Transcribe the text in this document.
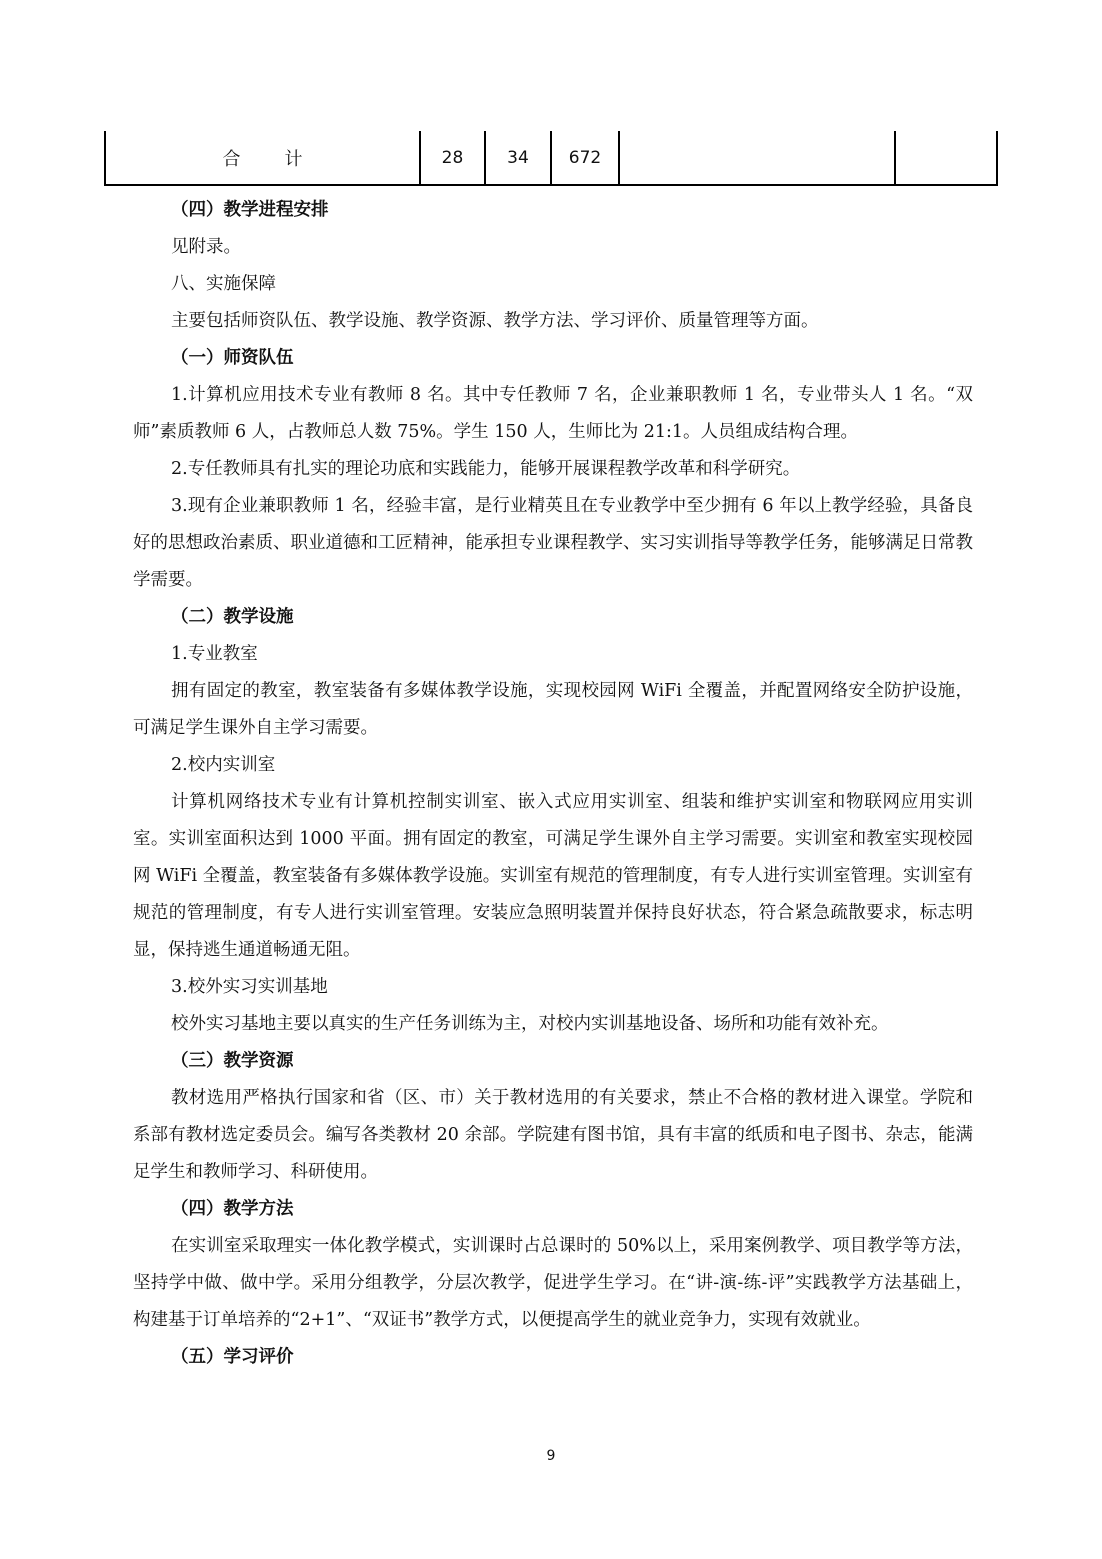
合 计	28	34	672		
（四）教学进程安排
见附录。
八、实施保障
主要包括师资队伍、教学设施、教学资源、教学方法、学习评价、质量管理等方面。
（一）师资队伍

1.计算机应用技术专业有教师 8 名。其中专任教师 7 名，企业兼职教师 1 名，专业带头人 1 名。“双师”素质教师 6 人，占教师总人数 75%。学生 150 人，生师比为 21:1。人员组成结构合理。

2.专任教师具有扎实的理论功底和实践能力，能够开展课程教学改革和科学研究。

3.现有企业兼职教师 1 名，经验丰富，是行业精英且在专业教学中至少拥有 6 年以上教学经验，具备良好的思想政治素质、职业道德和工匠精神，能承担专业课程教学、实习实训指导等教学任务，能够满足日常教学需要。

（二）教学设施
1.专业教室

拥有固定的教室，教室装备有多媒体教学设施，实现校园网 WiFi 全覆盖，并配置网络安全防护设施，可满足学生课外自主学习需要。

2.校内实训室

计算机网络技术专业有计算机控制实训室、嵌入式应用实训室、组装和维护实训室和物联网应用实训室。实训室面积达到 1000 平面。拥有固定的教室，可满足学生课外自主学习需要。实训室和教室实现校园网 WiFi 全覆盖，教室装备有多媒体教学设施。实训室有规范的管理制度，有专人进行实训室管理。实训室有规范的管理制度，有专人进行实训室管理。安装应急照明装置并保持良好状态，符合紧急疏散要求，标志明显，保持逃生通道畅通无阻。

3.校外实习实训基地

校外实习基地主要以真实的生产任务训练为主，对校内实训基地设备、场所和功能有效补充。

（三）教学资源

教材选用严格执行国家和省（区、市）关于教材选用的有关要求，禁止不合格的教材进入课堂。学院和系部有教材选定委员会。编写各类教材 20 余部。学院建有图书馆，具有丰富的纸质和电子图书、杂志，能满足学生和教师学习、科研使用。

（四）教学方法

在实训室采取理实一体化教学模式，实训课时占总课时的 50%以上，采用案例教学、项目教学等方法，坚持学中做、做中学。采用分组教学，分层次教学，促进学生学习。在“讲-演-练-评”实践教学方法基础上，构建基于订单培养的“2+1”、“双证书”教学方式，以便提高学生的就业竞争力，实现有效就业。

（五）学习评价
9
